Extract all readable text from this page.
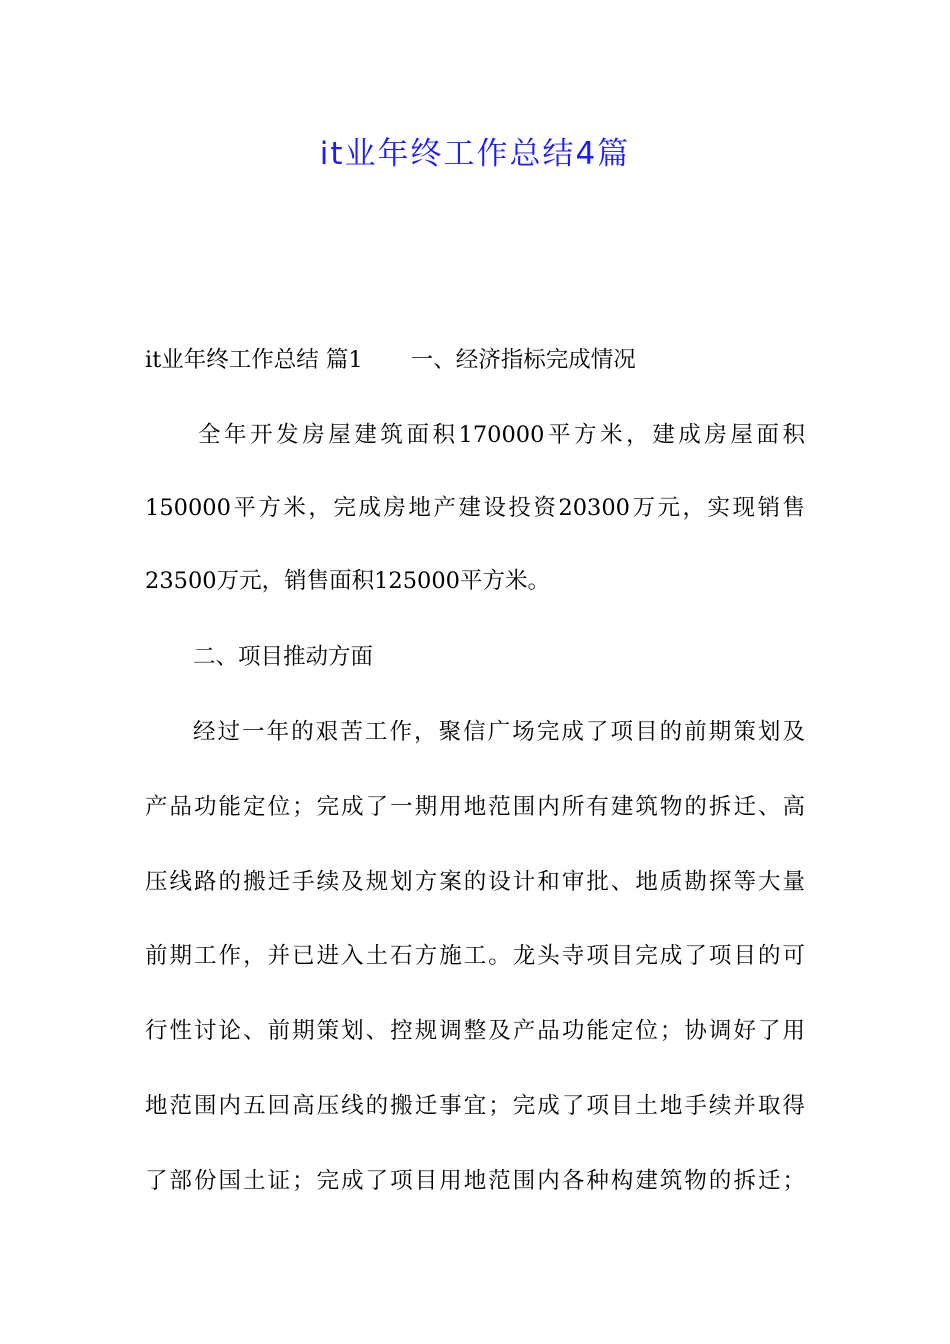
it业年终工作总结4篇
it业年终工作总结 篇1 一、经济指标完成情况
全年开发房屋建筑面积170000平方米，建成房屋面积
150000平方米，完成房地产建设投资20300万元，实现销售
23500万元，销售面积125000平方米。
二、项目推动方面
经过一年的艰苦工作，聚信广场完成了项目的前期策划及
产品功能定位；完成了一期用地范围内所有建筑物的拆迁、高
压线路的搬迁手续及规划方案的设计和审批、地质勘探等大量
前期工作，并已进入土石方施工。龙头寺项目完成了项目的可
行性讨论、前期策划、控规调整及产品功能定位；协调好了用
地范围内五回高压线的搬迁事宜；完成了项目土地手续并取得
了部份国土证；完成了项目用地范围内各种构建筑物的拆迁；
